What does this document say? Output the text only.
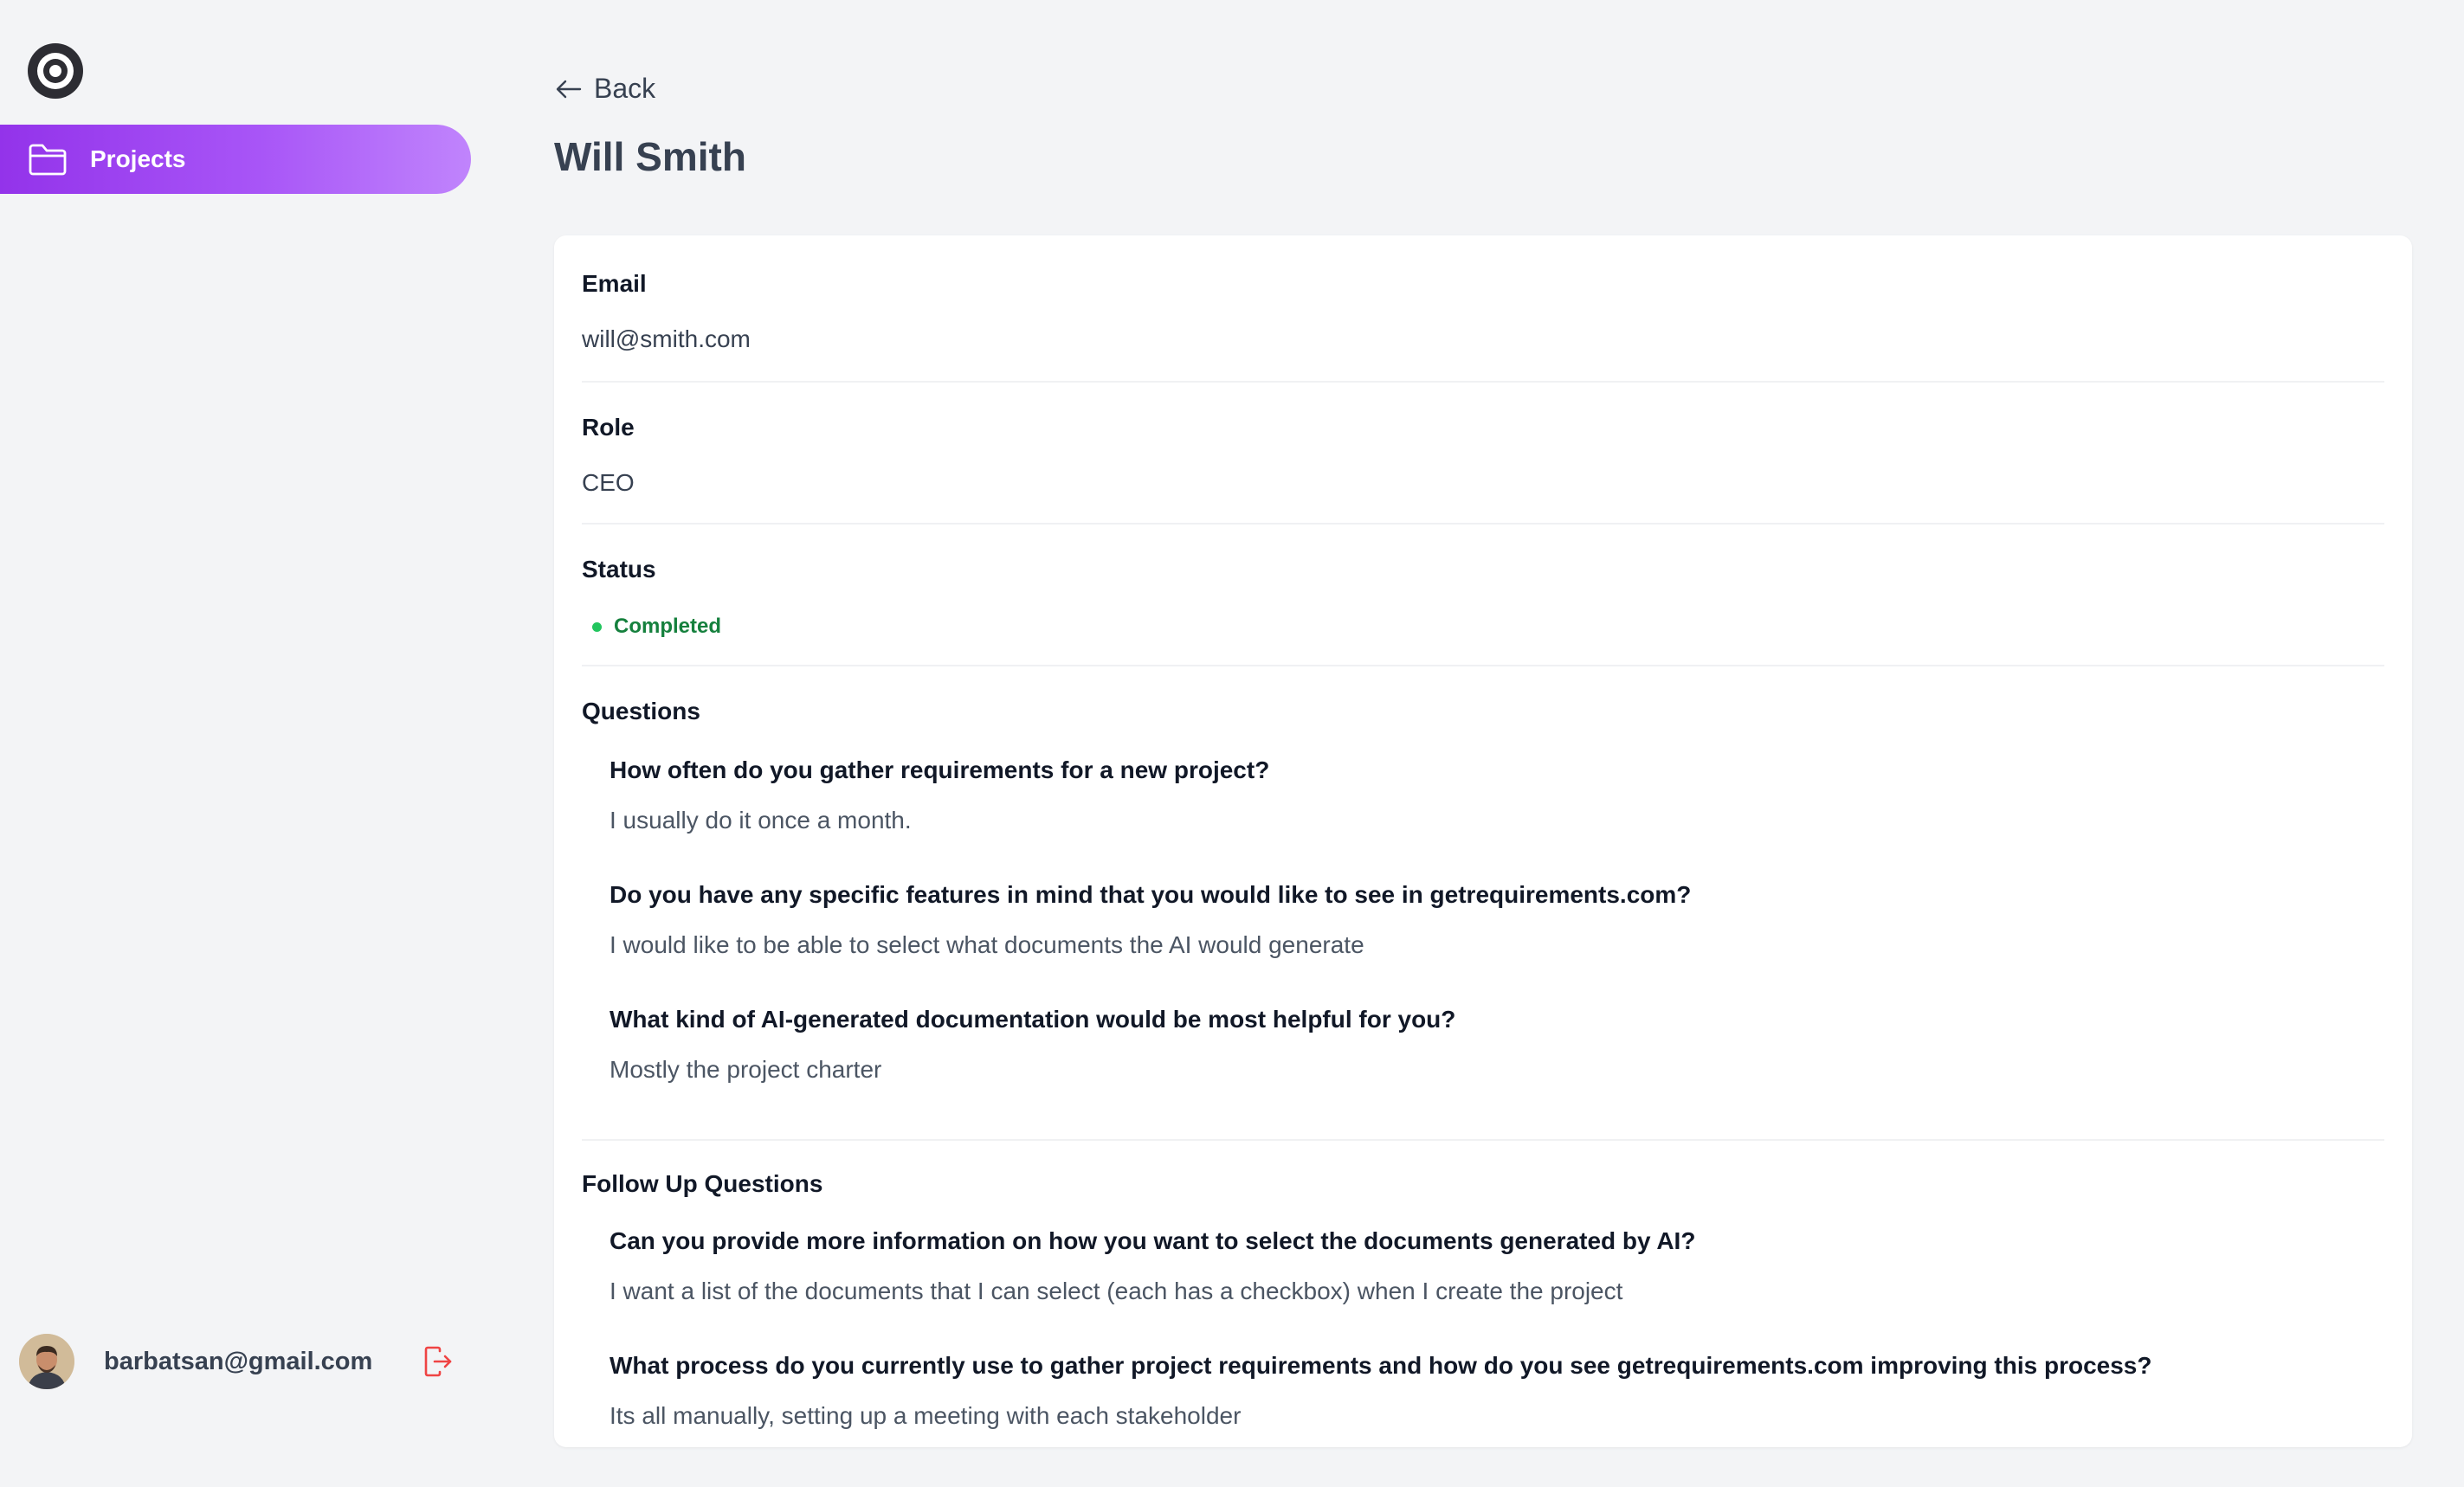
Projects
barbatsan@gmail.com
Back
Will Smith
Email
will@smith.com
Role
CEO
Status
Completed
Questions
How often do you gather requirements for a new project?
I usually do it once a month.
Do you have any specific features in mind that you would like to see in getrequirements.com?
I would like to be able to select what documents the AI would generate
What kind of AI-generated documentation would be most helpful for you?
Mostly the project charter
Follow Up Questions
Can you provide more information on how you want to select the documents generated by AI?
I want a list of the documents that I can select (each has a checkbox) when I create the project
What process do you currently use to gather project requirements and how do you see getrequirements.com improving this process?
Its all manually, setting up a meeting with each stakeholder
